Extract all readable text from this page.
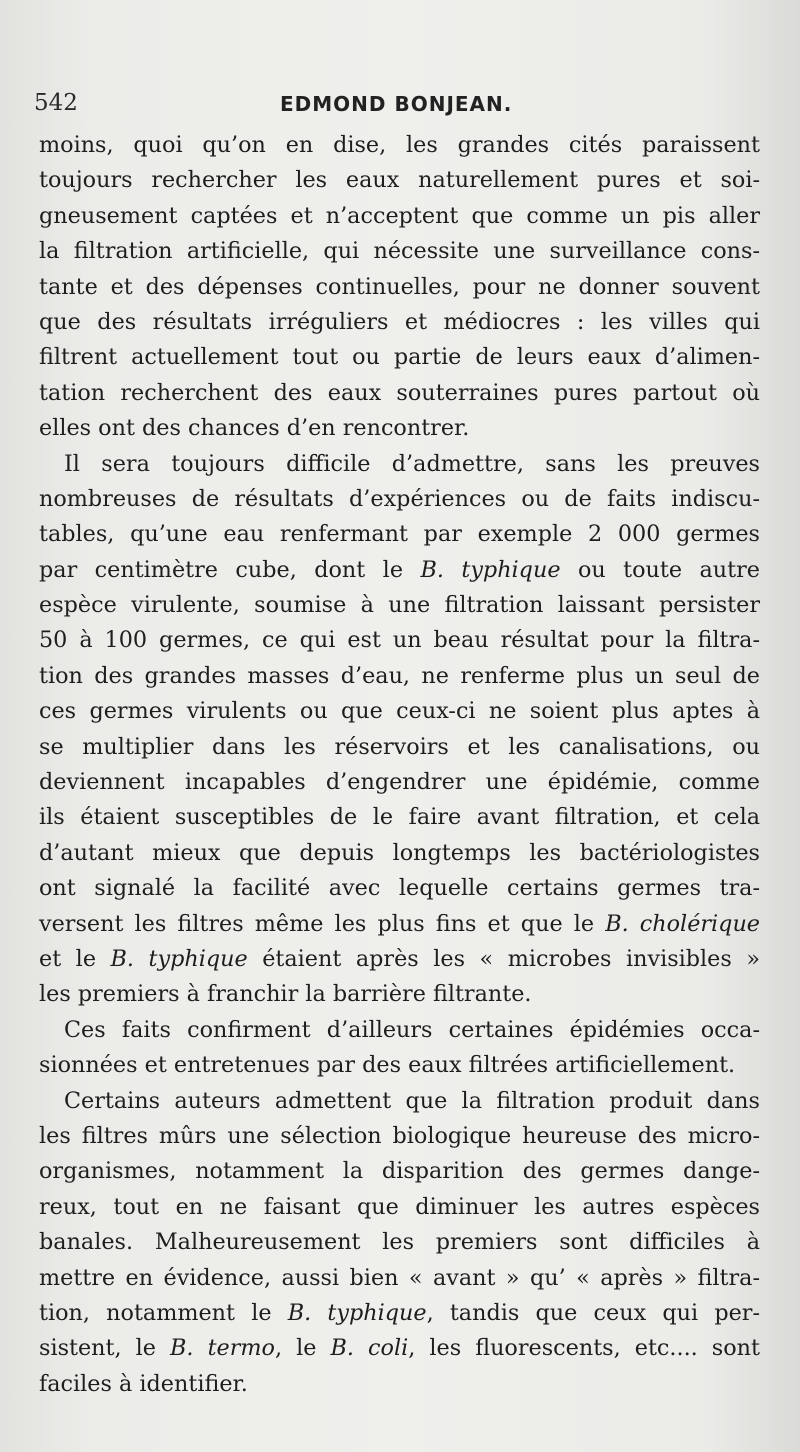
542	EDMOND BONJEAN.
moins, quoi qu’on en dise, les grandes cités paraissent
toujours rechercher les eaux naturellement pures et soi-
gneusement captées et n’acceptent que comme un pis aller
la filtration artificielle, qui nécessite une surveillance cons-
tante et des dépenses continuelles, pour ne donner souvent
que des résultats irréguliers et médiocres : les villes qui
filtrent actuellement tout ou partie de leurs eaux d’alimen-
tation recherchent des eaux souterraines pures partout où
elles ont des chances d’en rencontrer.
Il sera toujours difficile d’admettre, sans les preuves
nombreuses de résultats d’expériences ou de faits indiscu-
tables, qu’une eau renfermant par exemple 2 000 germes
par centimètre cube, dont le B. typhique ou toute autre
espèce virulente, soumise à une filtration laissant persister
50 à 100 germes, ce qui est un beau résultat pour la filtra-
tion des grandes masses d’eau, ne renferme plus un seul de
ces germes virulents ou que ceux-ci ne soient plus aptes à
se multiplier dans les réservoirs et les canalisations, ou
deviennent incapables d’engendrer une épidémie, comme
ils étaient susceptibles de le faire avant filtration, et cela
d’autant mieux que depuis longtemps les bactériologistes
ont signalé la facilité avec lequelle certains germes tra-
versent les filtres même les plus fins et que le B. cholérique
et le B. typhique étaient après les « microbes invisibles »
les premiers à franchir la barrière filtrante.
Ces faits confirment d’ailleurs certaines épidémies occa-
sionnées et entretenues par des eaux filtrées artificiellement.
Certains auteurs admettent que la filtration produit dans
les filtres mûrs une sélection biologique heureuse des micro-
organismes, notamment la disparition des germes dange-
reux, tout en ne faisant que diminuer les autres espèces
banales. Malheureusement les premiers sont difficiles à
mettre en évidence, aussi bien « avant » qu’ « après » filtra-
tion, notamment le B. typhique, tandis que ceux qui per-
sistent, le B. termo, le B. coli, les fluorescents, etc.... sont
faciles à identifier.
